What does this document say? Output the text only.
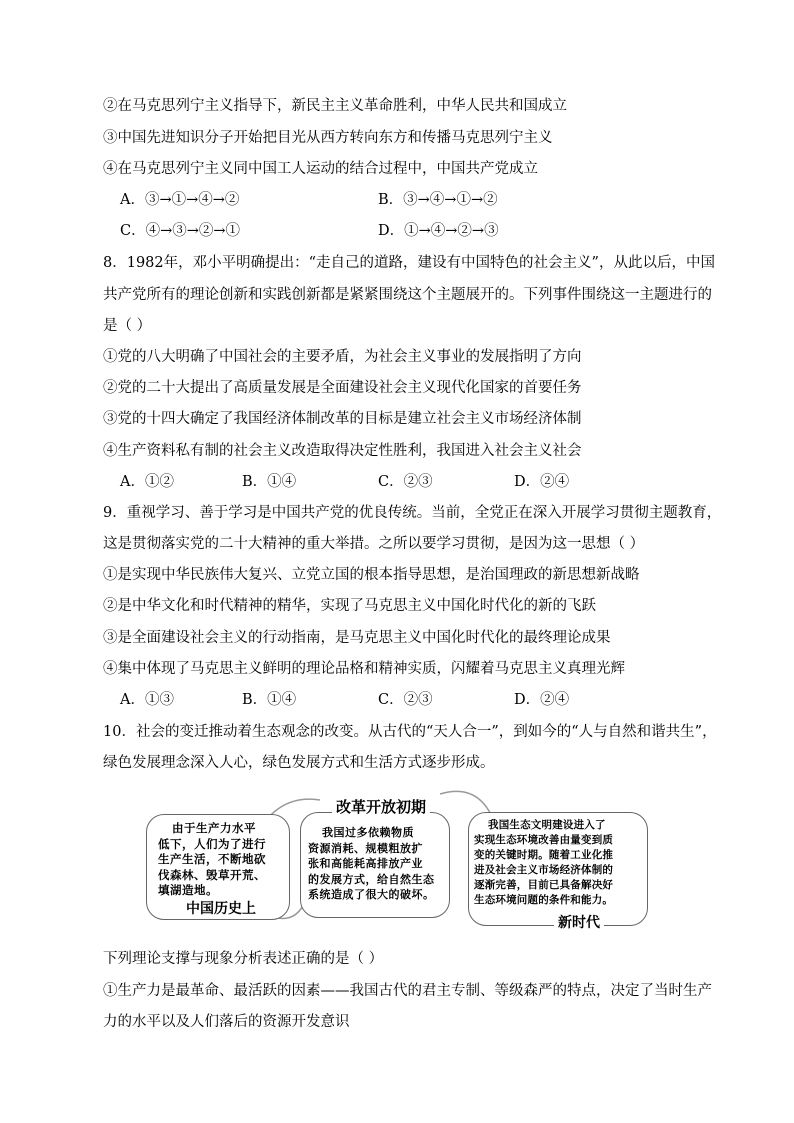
②在马克思列宁主义指导下，新民主主义革命胜利，中华人民共和国成立
③中国先进知识分子开始把目光从西方转向东方和传播马克思列宁主义
④在马克思列宁主义同中国工人运动的结合过程中，中国共产党成立
A．③→①→④→②	B．③→④→①→②
C．④→③→②→①	D．①→④→②→③
8．1982年，邓小平明确提出：“走自己的道路，建设有中国特色的社会主义”，从此以后，中国
共产党所有的理论创新和实践创新都是紧紧围绕这个主题展开的。下列事件围绕这一主题进行的
是（ ）
①党的八大明确了中国社会的主要矛盾，为社会主义事业的发展指明了方向
②党的二十大提出了高质量发展是全面建设社会主义现代化国家的首要任务
③党的十四大确定了我国经济体制改革的目标是建立社会主义市场经济体制
④生产资料私有制的社会主义改造取得决定性胜利，我国进入社会主义社会
A．①②	B．①④	C．②③	D．②④
9．重视学习、善于学习是中国共产党的优良传统。当前，全党正在深入开展学习贯彻主题教育，
这是贯彻落实党的二十大精神的重大举措。之所以要学习贯彻，是因为这一思想（ ）
①是实现中华民族伟大复兴、立党立国的根本指导思想，是治国理政的新思想新战略
②是中华文化和时代精神的精华，实现了马克思主义中国化时代化的新的飞跃
③是全面建设社会主义的行动指南，是马克思主义中国化时代化的最终理论成果
④集中体现了马克思主义鲜明的理论品格和精神实质，闪耀着马克思主义真理光辉
A．①③	B．①④	C．②③	D．②④
10．社会的变迁推动着生态观念的改变。从古代的“天人合一”，到如今的“人与自然和谐共生”，
绿色发展理念深入人心，绿色发展方式和生活方式逐步形成。
由于生产力水平
低下，人们为了进行
生产生活，不断地砍
伐森林、毁草开荒、
填湖造地。
中国历史上
改革开放初期
我国过多依赖物质
资源消耗、规模粗放扩
张和高能耗高排放产业
的发展方式，给自然生态
系统造成了很大的破坏。
我国生态文明建设进入了
实现生态环境改善由量变到质
变的关键时期。随着工业化推
进及社会主义市场经济体制的
逐渐完善，目前已具备解决好
生态环境问题的条件和能力。
新时代
下列理论支撑与现象分析表述正确的是（ ）
①生产力是最革命、最活跃的因素——我国古代的君主专制、等级森严的特点，决定了当时生产
力的水平以及人们落后的资源开发意识
